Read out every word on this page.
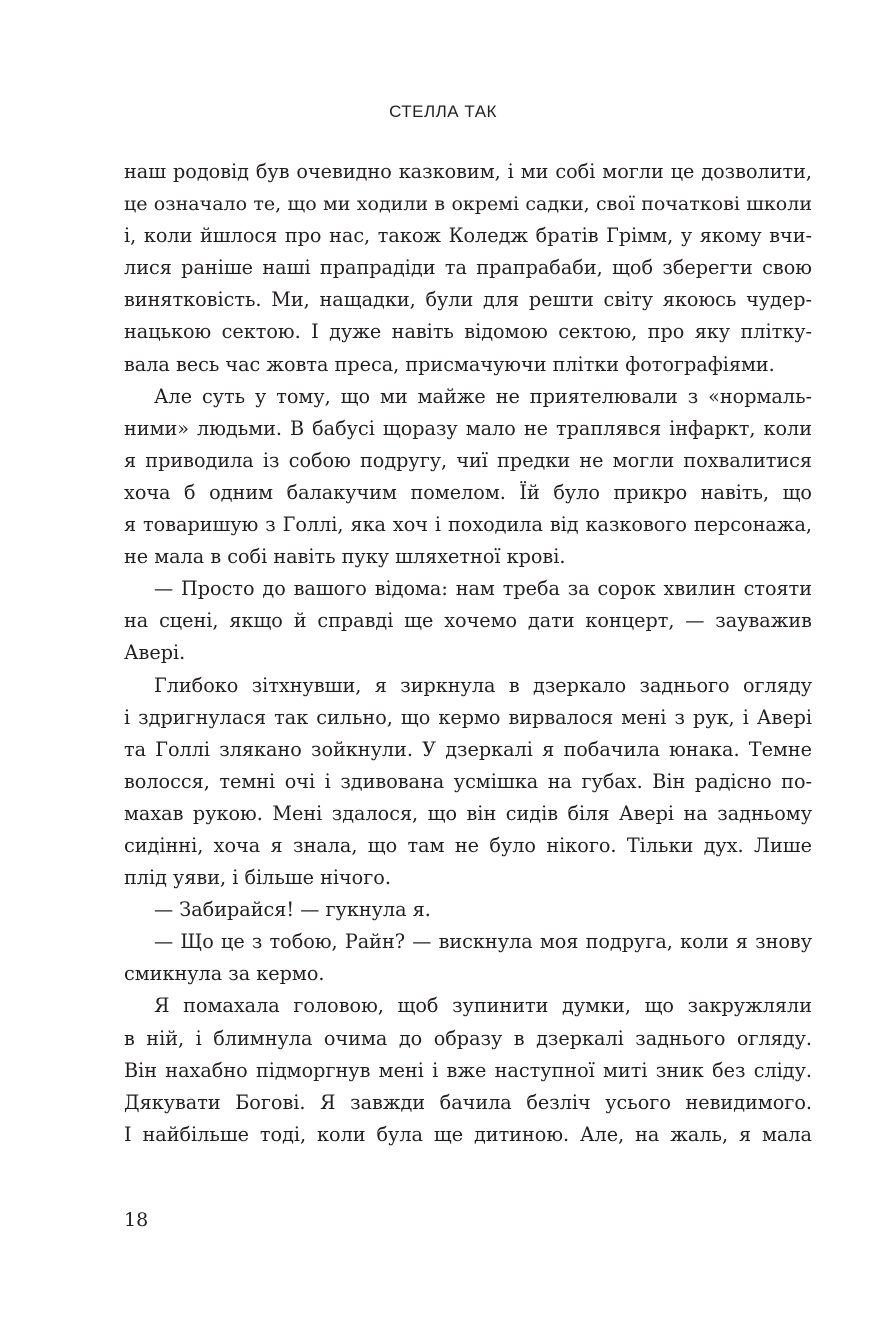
СТЕЛЛА ТАК
наш родовід був очевидно казковим, і ми собі могли це дозволити,
це означало те, що ми ходили в окремі садки, свої початкові школи
і, коли йшлося про нас, також Коледж братів Грімм, у якому вчи-
лися раніше наші прапрадіди та прапрабаби, щоб зберегти свою
винятковість. Ми, нащадки, були для решти світу якоюсь чудер-
нацькою сектою. І дуже навіть відомою сектою, про яку плітку-
вала весь час жовта преса, присмачуючи плітки фотографіями.
Але суть у тому, що ми майже не приятелювали з «нормаль-
ними» людьми. В бабусі щоразу мало не траплявся інфаркт, коли
я приводила із собою подругу, чиї предки не могли похвалитися
хоча б одним балакучим помелом. Їй було прикро навіть, що
я товаришую з Голлі, яка хоч і походила від казкового персонажа,
не мала в собі навіть пуку шляхетної крові.
— Просто до вашого відома: нам треба за сорок хвилин стояти
на сцені, якщо й справді ще хочемо дати концерт, — зауважив
Авері.
Глибоко зітхнувши, я зиркнула в дзеркало заднього огляду
і здригнулася так сильно, що кермо вирвалося мені з рук, і Авері
та Голлі злякано зойкнули. У дзеркалі я побачила юнака. Темне
волосся, темні очі і здивована усмішка на губах. Він радісно по-
махав рукою. Мені здалося, що він сидів біля Авері на задньому
сидінні, хоча я знала, що там не було нікого. Тільки дух. Лише
плід уяви, і більше нічого.
— Забирайся! — гукнула я.
— Що це з тобою, Райн? — вискнула моя подруга, коли я знову
смикнула за кермо.
Я помахала головою, щоб зупинити думки, що закружляли
в ній, і блимнула очима до образу в дзеркалі заднього огляду.
Він нахабно підморгнув мені і вже наступної миті зник без сліду.
Дякувати Богові. Я завжди бачила безліч усього невидимого.
І найбільше тоді, коли була ще дитиною. Але, на жаль, я мала
18
